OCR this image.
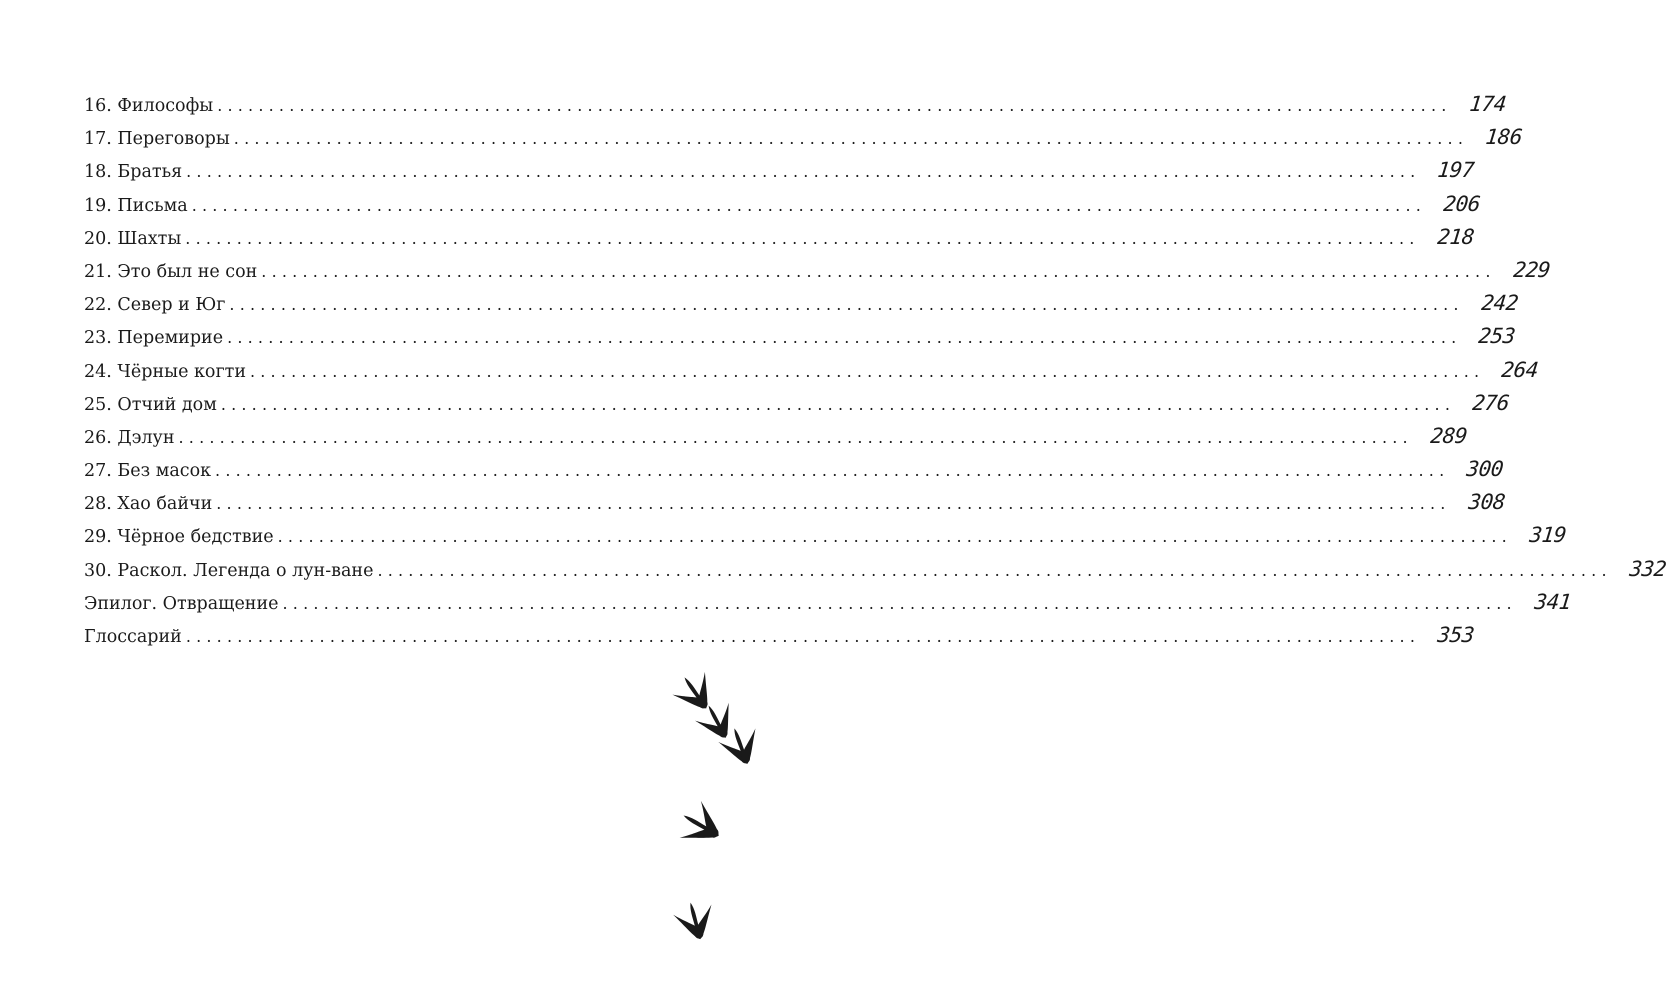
16. Философы ........................................................................................................................ 174
17. Переговоры ........................................................................................................................ 186
18. Братья ........................................................................................................................ 197
19. Письма ........................................................................................................................ 206
20. Шахты ........................................................................................................................ 218
21. Это был не сон ........................................................................................................................ 229
22. Север и Юг ........................................................................................................................ 242
23. Перемирие ........................................................................................................................ 253
24. Чёрные когти ........................................................................................................................ 264
25. Отчий дом ........................................................................................................................ 276
26. Дэлун ........................................................................................................................ 289
27. Без масок ........................................................................................................................ 300
28. Хао байчи ........................................................................................................................ 308
29. Чёрное бедствие ........................................................................................................................ 319
30. Раскол. Легенда о лун-ване ........................................................................................................................ 332
Эпилог. Отвращение ........................................................................................................................ 341
Глоссарий ........................................................................................................................ 353
